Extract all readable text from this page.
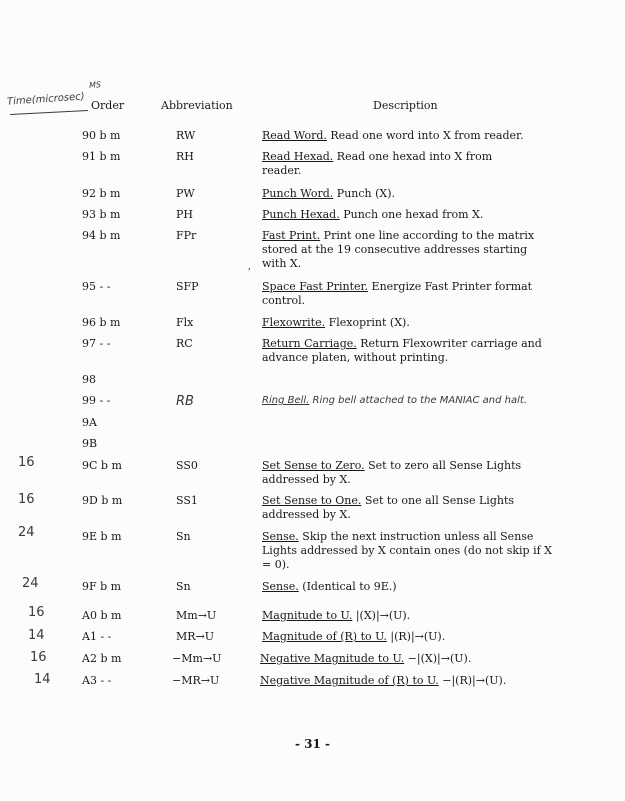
Time(microsec)
MS
Order	Abbreviation	Description
90 b m	RW	Read Word. Read one word into X from reader.
91 b m	RH	Read Hexad. Read one hexad into X from reader.
92 b m	PW	Punch Word. Punch (X).
93 b m	PH	Punch Hexad. Punch one hexad from X.
94 b m	FPr	Fast Print. Print one line according to the matrix stored at the 19 consecutive addresses starting with X.
,
95 - -	SFP	Space Fast Printer. Energize Fast Printer format control.
96 b m	Flx	Flexowrite. Flexoprint (X).
97 - -	RC	Return Carriage. Return Flexowriter carriage and advance platen, without printing.
98
99 - -	RB	Ring Bell. Ring bell attached to the MANIAC and halt.
9A
9B
16	9C b m	SS0	Set Sense to Zero. Set to zero all Sense Lights addressed by X.
16	9D b m	SS1	Set Sense to One. Set to one all Sense Lights addressed by X.
24	9E b m	Sn	Sense. Skip the next instruction unless all Sense Lights addressed by X contain ones (do not skip if X = 0).
24	9F b m	Sn	Sense. (Identical to 9E.)
16	A0 b m	Mm→U	Magnitude to U. |(X)|→(U).
14	A1 - -	MR→U	Magnitude of (R) to U. |(R)|→(U).
16	A2 b m	−Mm→U	Negative Magnitude to U. −|(X)|→(U).
14	A3 - -	−MR→U	Negative Magnitude of (R) to U. −|(R)|→(U).
- 31 -
